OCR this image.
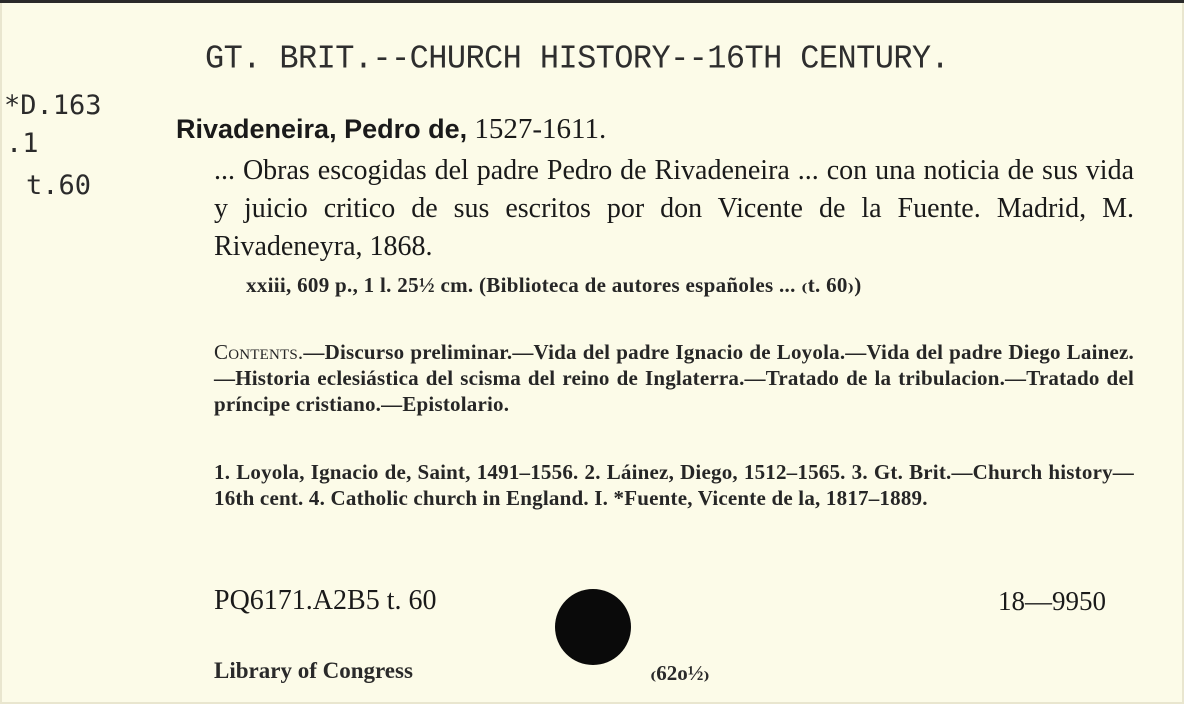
GT. BRIT.--CHURCH HISTORY--16TH CENTURY.
*D.163
.1
t.60
Rivadeneira, Pedro de, 1527-1611.
... Obras escogidas del padre Pedro de Rivadeneira ... con una noticia de sus vida y juicio critico de sus escritos por don Vicente de la Fuente. Madrid, M. Rivadeneyra, 1868.
xxiii, 609 p., 1 l. 25½ cm. (Biblioteca de autores españoles ... ₍t. 60₎)
Contents.—Discurso preliminar.—Vida del padre Ignacio de Loyola.—Vida del padre Diego Lainez.—Historia eclesiástica del scisma del reino de Inglaterra.—Tratado de la tribulacion.—Tratado del príncipe cristiano.—Epistolario.
1. Loyola, Ignacio de, Saint, 1491–1556. 2. Láinez, Diego, 1512–1565. 3. Gt. Brit.—Church history—16th cent. 4. Catholic church in England. I. *Fuente, Vicente de la, 1817–1889.
PQ6171.A2B5 t. 60	18—9950
Library of Congress	₍62o½₎
